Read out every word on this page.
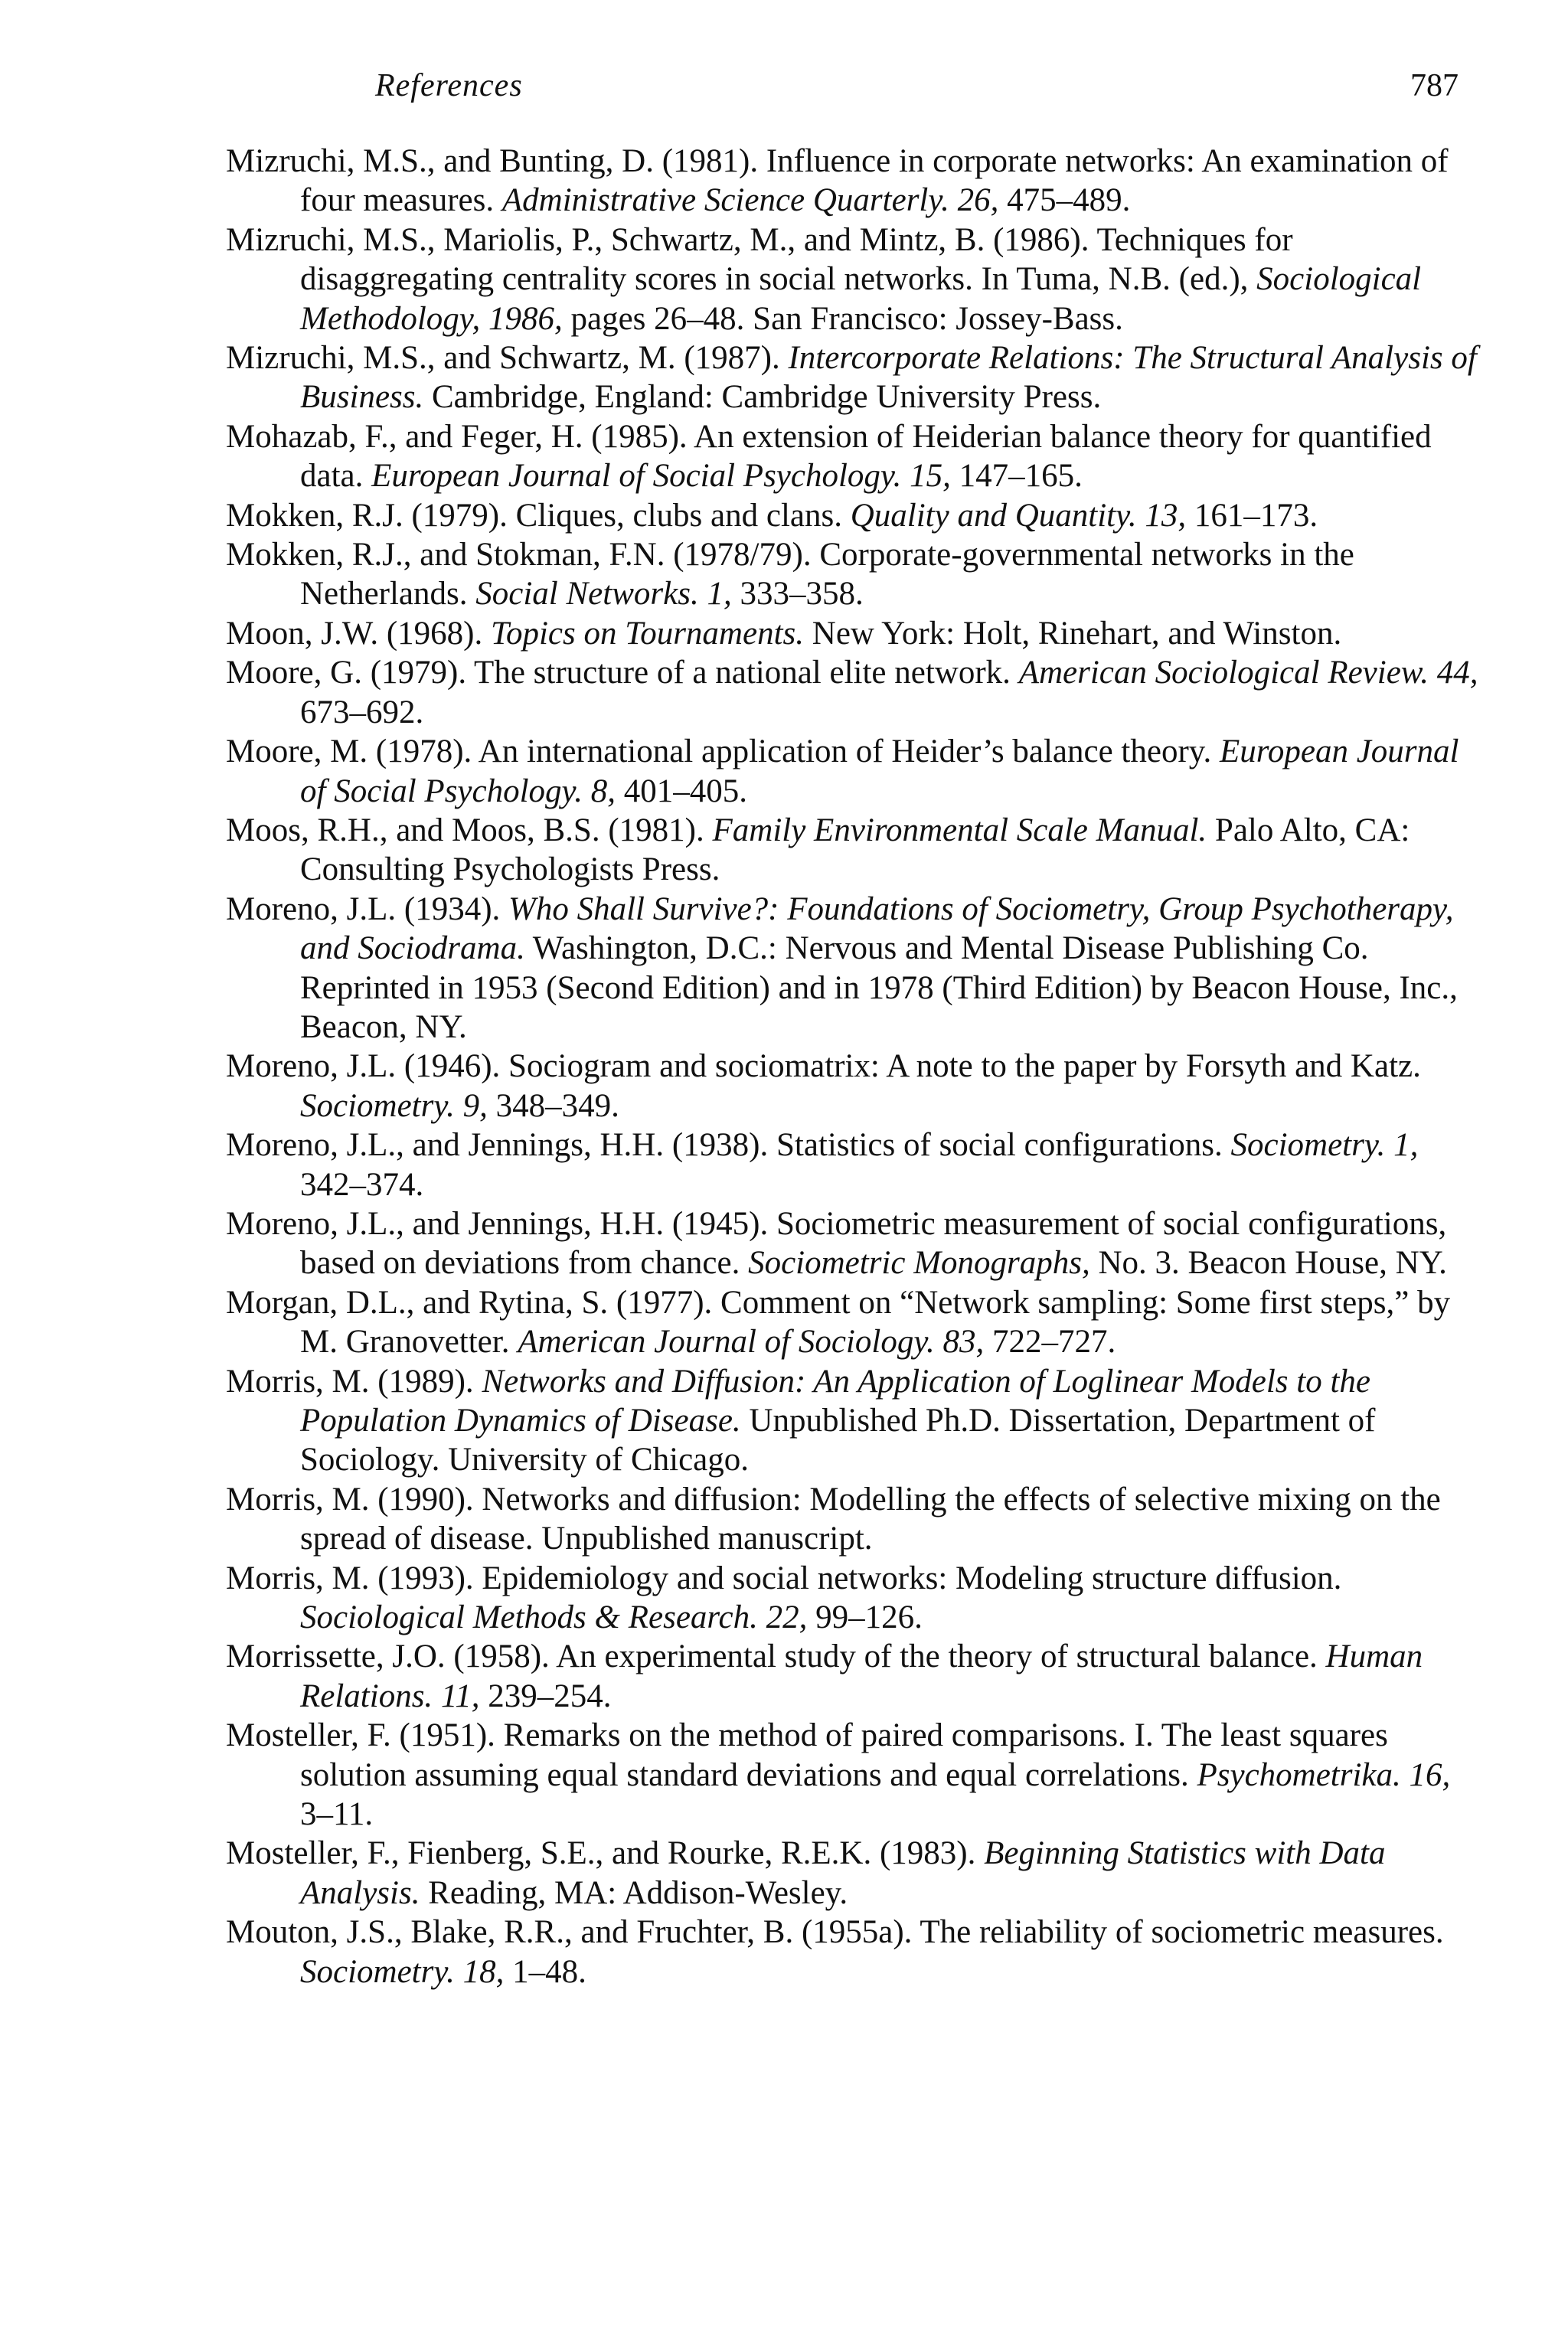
References	787
Mizruchi, M.S., and Bunting, D. (1981). Influence in corporate networks: An examination of four measures. Administrative Science Quarterly. 26, 475–489.
Mizruchi, M.S., Mariolis, P., Schwartz, M., and Mintz, B. (1986). Techniques for disaggregating centrality scores in social networks. In Tuma, N.B. (ed.), Sociological Methodology, 1986, pages 26–48. San Francisco: Jossey-Bass.
Mizruchi, M.S., and Schwartz, M. (1987). Intercorporate Relations: The Structural Analysis of Business. Cambridge, England: Cambridge University Press.
Mohazab, F., and Feger, H. (1985). An extension of Heiderian balance theory for quantified data. European Journal of Social Psychology. 15, 147–165.
Mokken, R.J. (1979). Cliques, clubs and clans. Quality and Quantity. 13, 161–173.
Mokken, R.J., and Stokman, F.N. (1978/79). Corporate-governmental networks in the Netherlands. Social Networks. 1, 333–358.
Moon, J.W. (1968). Topics on Tournaments. New York: Holt, Rinehart, and Winston.
Moore, G. (1979). The structure of a national elite network. American Sociological Review. 44, 673–692.
Moore, M. (1978). An international application of Heider’s balance theory. European Journal of Social Psychology. 8, 401–405.
Moos, R.H., and Moos, B.S. (1981). Family Environmental Scale Manual. Palo Alto, CA: Consulting Psychologists Press.
Moreno, J.L. (1934). Who Shall Survive?: Foundations of Sociometry, Group Psychotherapy, and Sociodrama. Washington, D.C.: Nervous and Mental Disease Publishing Co. Reprinted in 1953 (Second Edition) and in 1978 (Third Edition) by Beacon House, Inc., Beacon, NY.
Moreno, J.L. (1946). Sociogram and sociomatrix: A note to the paper by Forsyth and Katz. Sociometry. 9, 348–349.
Moreno, J.L., and Jennings, H.H. (1938). Statistics of social configurations. Sociometry. 1, 342–374.
Moreno, J.L., and Jennings, H.H. (1945). Sociometric measurement of social configurations, based on deviations from chance. Sociometric Monographs, No. 3. Beacon House, NY.
Morgan, D.L., and Rytina, S. (1977). Comment on “Network sampling: Some first steps,” by M. Granovetter. American Journal of Sociology. 83, 722–727.
Morris, M. (1989). Networks and Diffusion: An Application of Loglinear Models to the Population Dynamics of Disease. Unpublished Ph.D. Dissertation, Department of Sociology. University of Chicago.
Morris, M. (1990). Networks and diffusion: Modelling the effects of selective mixing on the spread of disease. Unpublished manuscript.
Morris, M. (1993). Epidemiology and social networks: Modeling structure diffusion. Sociological Methods & Research. 22, 99–126.
Morrissette, J.O. (1958). An experimental study of the theory of structural balance. Human Relations. 11, 239–254.
Mosteller, F. (1951). Remarks on the method of paired comparisons. I. The least squares solution assuming equal standard deviations and equal correlations. Psychometrika. 16, 3–11.
Mosteller, F., Fienberg, S.E., and Rourke, R.E.K. (1983). Beginning Statistics with Data Analysis. Reading, MA: Addison-Wesley.
Mouton, J.S., Blake, R.R., and Fruchter, B. (1955a). The reliability of sociometric measures. Sociometry. 18, 1–48.
